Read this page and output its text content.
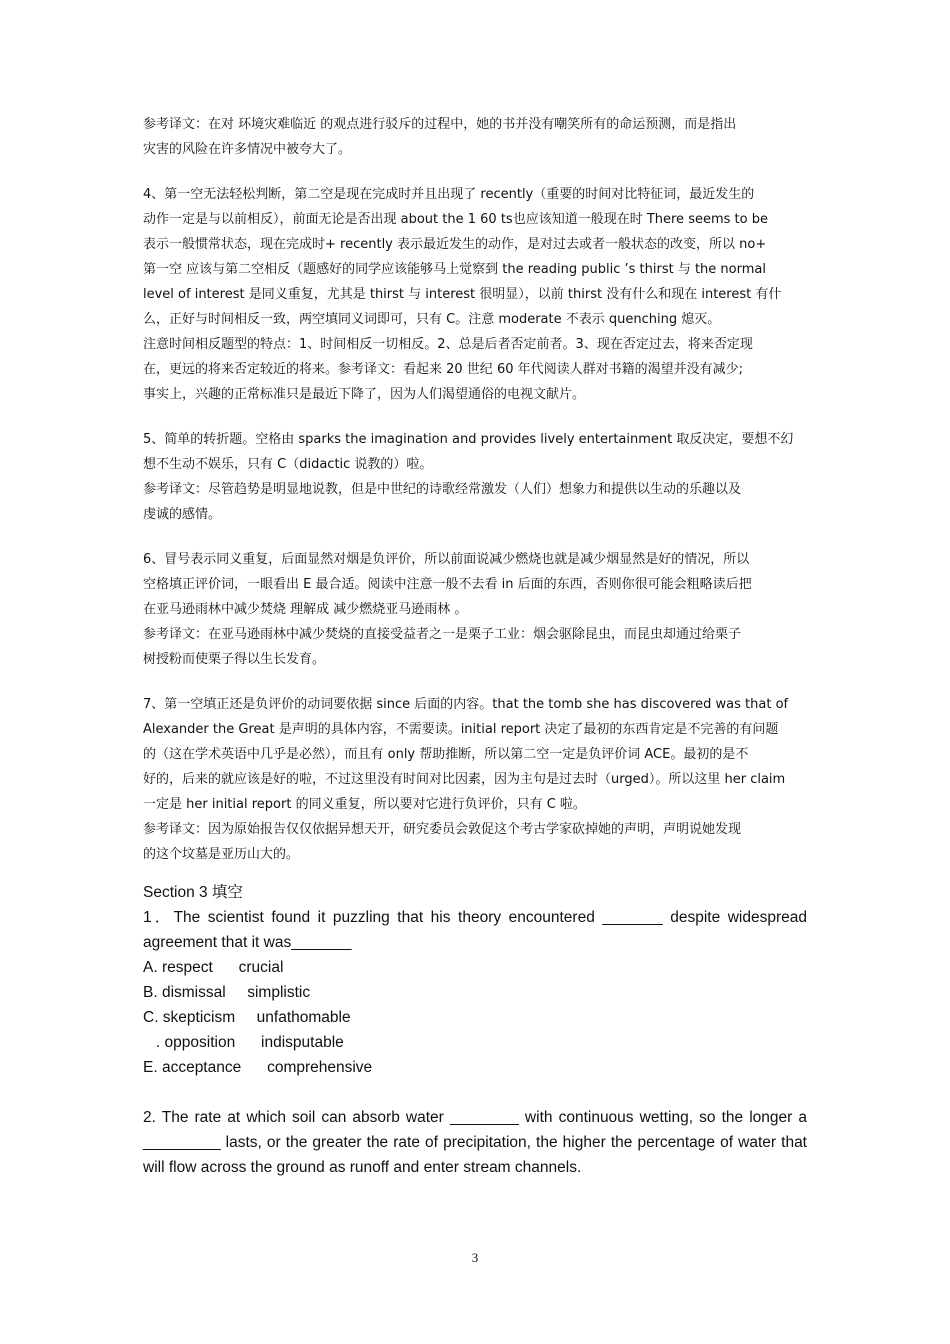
参考译文：在对 环境灾难临近 的观点进行驳斥的过程中，她的书并没有嘲笑所有的命运预测，而是指出

灾害的风险在许多情况中被夸大了。

4、第一空无法轻松判断，第二空是现在完成时并且出现了 recently（重要的时间对比特征词，最近发生的

动作一定是与以前相反），前面无论是否出现 about the 1 60 ts也应该知道一般现在时 There seems to be

表示一般惯常状态，现在完成时+ recently 表示最近发生的动作，是对过去或者一般状态的改变，所以 no+

第一空 应该与第二空相反（题感好的同学应该能够马上觉察到 the reading public ’s thirst 与 the normal

level of interest 是同义重复，尤其是 thirst 与 interest 很明显），以前 thirst 没有什么和现在 interest 有什

么，正好与时间相反一致，两空填同义词即可，只有 C。注意 moderate 不表示 quenching 熄灭。

注意时间相反题型的特点：1、时间相反一切相反。2、总是后者否定前者。3、现在否定过去，将来否定现

在，更远的将来否定较近的将来。参考译文：看起来 20 世纪 60 年代阅读人群对书籍的渴望并没有减少;

事实上，兴趣的正常标准只是最近下降了，因为人们渴望通俗的电视文献片。

5、简单的转折题。空格由 sparks the imagination and provides lively entertainment 取反决定，要想不幻

想不生动不娱乐，只有 C（didactic 说教的）啦。

参考译文：尽管趋势是明显地说教，但是中世纪的诗歌经常激发（人们）想象力和提供以生动的乐趣以及

虔诚的感情。

6、冒号表示同义重复，后面显然对烟是负评价，所以前面说减少燃烧也就是减少烟显然是好的情况，所以

空格填正评价词，一眼看出 E 最合适。阅读中注意一般不去看 in 后面的东西，否则你很可能会粗略读后把

在亚马逊雨林中减少焚烧 理解成 减少燃烧亚马逊雨林 。

参考译文：在亚马逊雨林中减少焚烧的直接受益者之一是栗子工业：烟会驱除昆虫，而昆虫却通过给栗子

树授粉而使栗子得以生长发育。

7、第一空填正还是负评价的动词要依据 since 后面的内容。that the tomb she has discovered was that of

Alexander the Great 是声明的具体内容，不需要读。initial report 决定了最初的东西肯定是不完善的有问题

的（这在学术英语中几乎是必然），而且有 only 帮助推断，所以第二空一定是负评价词 ACE。最初的是不

好的，后来的就应该是好的啦，不过这里没有时间对比因素，因为主句是过去时（urged）。所以这里 her claim

一定是 her initial report 的同义重复，所以要对它进行负评价，只有 C 啦。

参考译文：因为原始报告仅仅依据异想天开，研究委员会敦促这个考古学家砍掉她的声明，声明说她发现

的这个坟墓是亚历山大的。

Section 3 填空

1．The scientist found it puzzling that his theory encountered _______ despite widespread agreement that it was_______

A. respect      crucial

B. dismissal     simplistic

C. skepticism     unfathomable

. opposition      indisputable

E. acceptance      comprehensive

2. The rate at which soil can absorb water ________ with continuous wetting, so the longer a _________ lasts, or the greater the rate of precipitation, the higher the percentage of water that will flow across the ground as runoff and enter stream channels.

3
